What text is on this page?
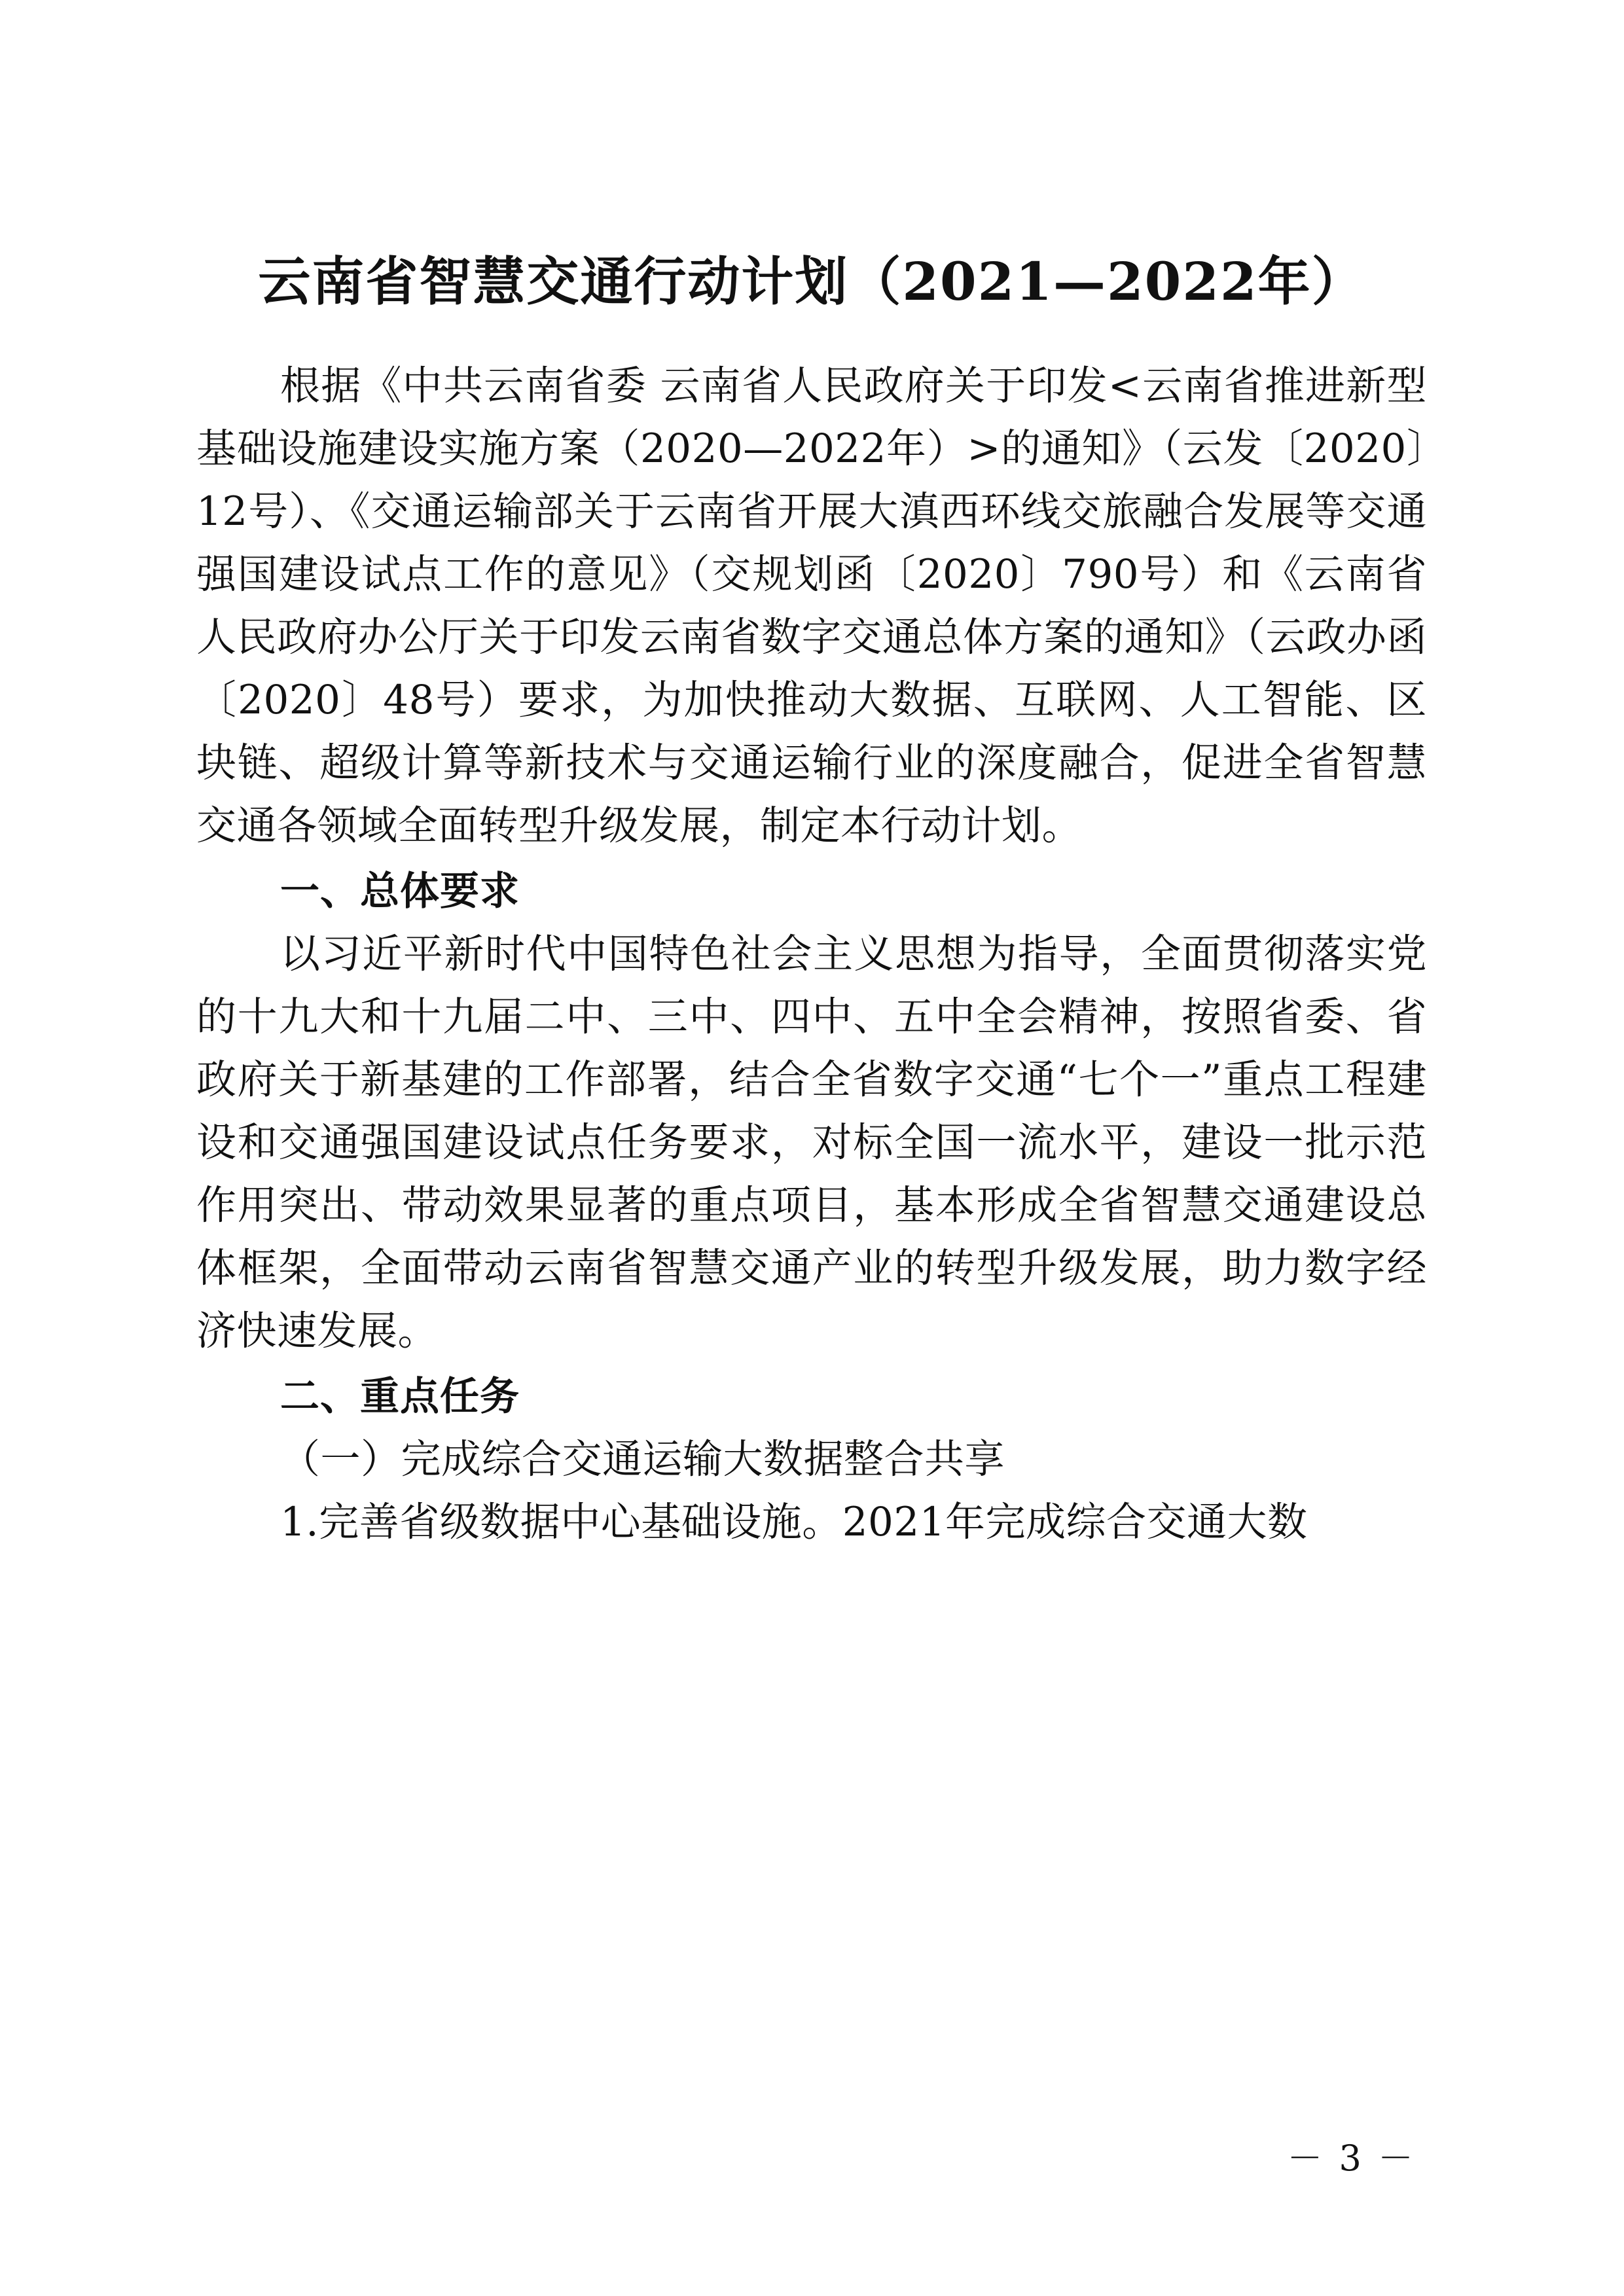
云南省智慧交通行动计划（2021—2022年）

根据《中共云南省委 云南省人民政府关于印发<云南省推进新型基础设施建设实施方案（2020—2022年）>的通知》（云发〔2020〕12号）、《交通运输部关于云南省开展大滇西环线交旅融合发展等交通强国建设试点工作的意见》（交规划函〔2020〕790号）和《云南省人民政府办公厅关于印发云南省数字交通总体方案的通知》（云政办函〔2020〕48号）要求，为加快推动大数据、互联网、人工智能、区块链、超级计算等新技术与交通运输行业的深度融合，促进全省智慧交通各领域全面转型升级发展，制定本行动计划。

一、总体要求

以习近平新时代中国特色社会主义思想为指导，全面贯彻落实党的十九大和十九届二中、三中、四中、五中全会精神，按照省委、省政府关于新基建的工作部署，结合全省数字交通“七个一”重点工程建设和交通强国建设试点任务要求，对标全国一流水平，建设一批示范作用突出、带动效果显著的重点项目，基本形成全省智慧交通建设总体框架，全面带动云南省智慧交通产业的转型升级发展，助力数字经济快速发展。

二、重点任务

（一）完成综合交通运输大数据整合共享

1.完善省级数据中心基础设施。2021年完成综合交通大数

－ 3 －
